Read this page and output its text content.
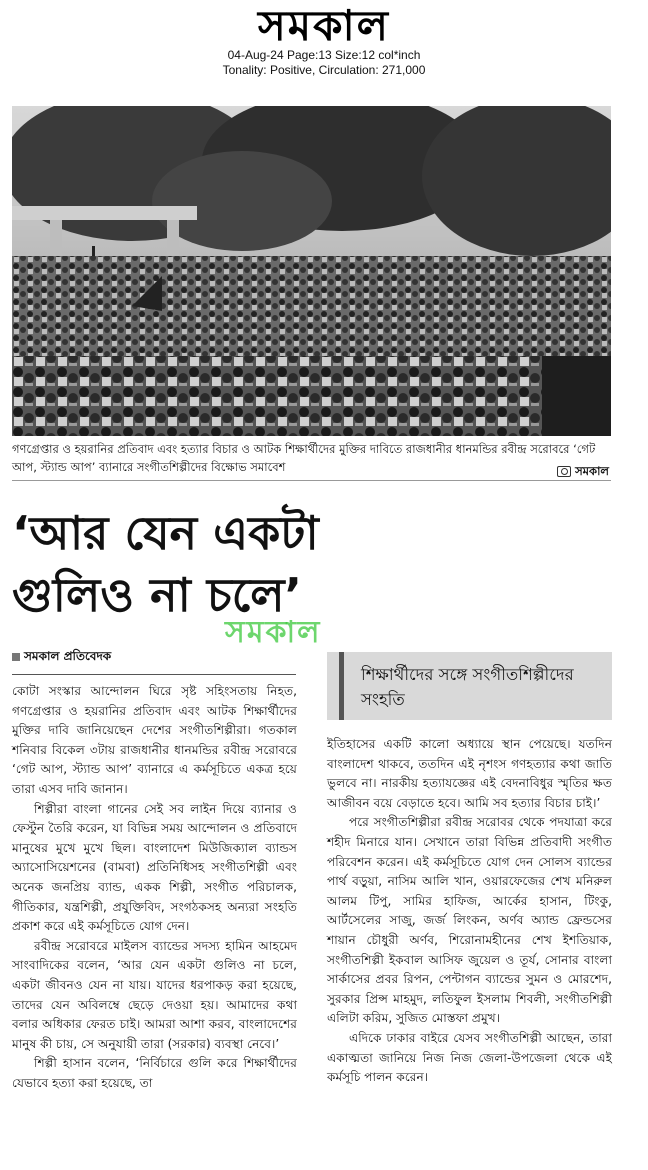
সমকাল
04-Aug-24 Page:13 Size:12 col*inch
Tonality: Positive, Circulation: 271,000
গণগ্রেপ্তার ও হয়রানির প্রতিবাদ এবং হত্যার বিচার ও আটক শিক্ষার্থীদের মুক্তির দাবিতে রাজধানীর ধানমন্ডির রবীন্দ্র সরোবরে ‘গেট আপ, স্ট্যান্ড আপ’ ব্যানারে সংগীতশিল্পীদের বিক্ষোভ সমাবেশ	সমকাল
‘আর যেন একটা গুলিও না চলে’
সমকাল
সমকাল প্রতিবেদক
শিক্ষার্থীদের সঙ্গে সংগীতশিল্পীদের সংহতি

কোটা সংস্কার আন্দোলন ঘিরে সৃষ্ট সহিংসতায় নিহত, গণগ্রেপ্তার ও হয়রানির প্রতিবাদ এবং আটক শিক্ষার্থীদের মুক্তির দাবি জানিয়েছেন দেশের সংগীতশিল্পীরা। গতকাল শনিবার বিকেল ৩টায় রাজধানীর ধানমন্ডির রবীন্দ্র সরোবরে ‘গেট আপ, স্ট্যান্ড আপ’ ব্যানারে এ কর্মসূচিতে একত্র হয়ে তারা এসব দাবি জানান।

শিল্পীরা বাংলা গানের সেই সব লাইন দিয়ে ব্যানার ও ফেস্টুন তৈরি করেন, যা বিভিন্ন সময় আন্দোলন ও প্রতিবাদে মানুষের মুখে মুখে ছিল। বাংলাদেশ মিউজিক্যাল ব্যান্ডস অ্যাসোসিয়েশনের (বামবা) প্রতিনিধিসহ সংগীতশিল্পী এবং অনেক জনপ্রিয় ব্যান্ড, একক শিল্পী, সংগীত পরিচালক, গীতিকার, যন্ত্রশিল্পী, প্রযুক্তিবিদ, সংগঠকসহ অন্যরা সংহতি প্রকাশ করে এই কর্মসূচিতে যোগ দেন।

রবীন্দ্র সরোবরে মাইলস ব্যান্ডের সদস্য হামিন আহমেদ সাংবাদিকের বলেন, ‘আর যেন একটা গুলিও না চলে, একটা জীবনও যেন না যায়। যাদের ধরপাকড় করা হয়েছে, তাদের যেন অবিলম্বে ছেড়ে দেওয়া হয়। আমাদের কথা বলার অধিকার ফেরত চাই। আমরা আশা করব, বাংলাদেশের মানুষ কী চায়, সে অনুযায়ী তারা (সরকার) ব্যবস্থা নেবে।’

শিল্পী হাসান বলেন, ‘নির্বিচারে গুলি করে শিক্ষার্থীদের যেভাবে হত্যা করা হয়েছে, তা

ইতিহাসের একটি কালো অধ্যায়ে স্থান পেয়েছে। যতদিন বাংলাদেশ থাকবে, ততদিন এই নৃশংস গণহত্যার কথা জাতি ভুলবে না। নারকীয় হত্যাযজ্ঞের এই বেদনাবিধুর স্মৃতির ক্ষত আজীবন বয়ে বেড়াতে হবে। আমি সব হত্যার বিচার চাই।’

পরে সংগীতশিল্পীরা রবীন্দ্র সরোবর থেকে পদযাত্রা করে শহীদ মিনারে যান। সেখানে তারা বিভিন্ন প্রতিবাদী সংগীত পরিবেশন করেন। এই কর্মসূচিতে যোগ দেন সোলস ব্যান্ডের পার্থ বড়ুয়া, নাসিম আলি খান, ওয়ারফেজের শেখ মনিরুল আলম টিপু, সামির হাফিজ, আর্কের হাসান, টিংকু, আর্টসেলের সাজু, জর্জ লিংকন, অর্ণব অ্যান্ড ফ্রেন্ডসের শায়ান চৌধুরী অর্ণব, শিরোনামহীনের শেখ ইশতিয়াক, সংগীতশিল্পী ইকবাল আসিফ জুয়েল ও তূর্য, সোনার বাংলা সার্কাসের প্রবর রিপন, পেন্টাগন ব্যান্ডের সুমন ও মোরশেদ, সুরকার প্রিন্স মাহমুদ, লতিফুল ইসলাম শিবলী, সংগীতশিল্পী এলিটা করিম, সুজিত মোস্তফা প্রমুখ।

এদিকে ঢাকার বাইরে যেসব সংগীতশিল্পী আছেন, তারা একাত্মতা জানিয়ে নিজ নিজ জেলা-উপজেলা থেকে এই কর্মসূচি পালন করেন।
